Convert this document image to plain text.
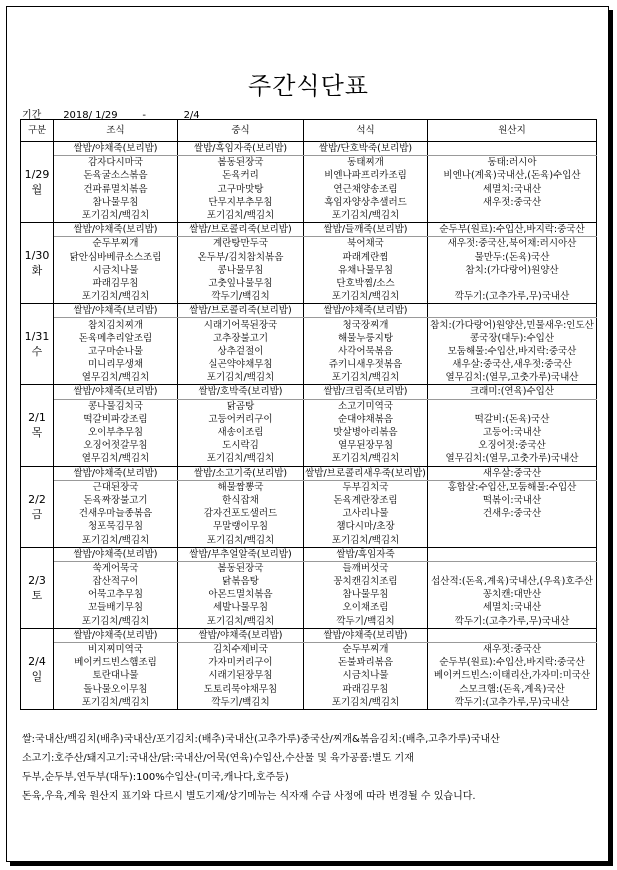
주간식단표
기간 2018/ 1/29 -	2/4
구분	조식	중식	석식	원산지

1/29
월	쌀밥/야채죽(보리밥)	쌀밥/흑임자죽(보리밥)	쌀밥/단호박죽(보리밥)	
	감자다시마국	봄동된장국	동태찌개	동태:러시아
	돈육굴소스볶음	돈육커리	비엔나파프리카조림	비엔나(계육)국내산,(돈육)수입산
	건파류멸치볶음	고구마맛탕	연근채양송조림	세멸치:국내산
	참나물무침	단무지부추무침	흑임자양상추샐러드	새우젓:중국산
	포기김치/백김치	포기김치/백김치	포기김치/백김치	

1/30
화	쌀밥/야채죽(보리밥)	쌀밥/브로콜리죽(보리밥)	쌀밥/들깨죽(보리밥)	순두부(원료):수입산,바지락:중국산
	순두부찌개	계란탕만두국	북어채국	새우젓:중국산,북어채:러시아산
	닭안심바베큐소스조림	온두부/김치참치볶음	파래계란찜	물만두:(돈육)국산
	시금치나물	콩나물무침	유채나물무침	참치:(가다랑어)원양산
	파래김무침	고춧잎나물무침	단호박찜/소스	
	포기김치/백김치	깍두기/백김치	포기김치/백김치	깍두기:(고추가루,무)국내산

1/31
수	쌀밥/야채죽(보리밥)	쌀밥/브로콜리죽(보리밥)	쌀밥/야채죽(보리밥)	
	참치김치찌개	시래기어묵된장국	청국장찌개	참치:(가다랑어)원양산,민물새우:인도산
	돈육메추리알조림	고추장불고기	해물누룽지탕	콩국장(대두):수입산
	고구마순나물	상추겉절이	사각어묵볶음	모둠해물:수입산,바지락:중국산
	미니리무생채	실곤약야채무침	쥬키니새우젓볶음	새우살:중국산,새우젓:중국산
	열무김치/백김치	포기김치/백김치	포기김치/백김치	열무김치:(열무,고춧가루)국내산

2/1
목	쌀밥/야채죽(보리밥)	쌀밥/호박죽(보리밥)	쌀밥/크림죽(보리밥)	크래미:(연육)수입산
	콩나물김치국	닭곰탕	소고기미역국	
	떡갈비파강조림	고등어커리구이	순대야채볶음	떡갈비:(돈육)국산
	오이부추무침	새송이조림	맛살병아리볶음	고등어:국내산
	오징어젓갈무침	도시락김	열무된장무침	오징어젓:중국산
	열무김치/백김치	포기김치/백김치	포기김치/백김치	열무김치:(열무,고춧가루)국내산

2/2
금	쌀밥/야채죽(보리밥)	쌀밥/소고기죽(보리밥)	쌀밥/브로콜리새우죽(보리밥)	새우살:중국산
	근대된장국	해물짬뽕국	두부김치국	홍합살:수입산,모둠해물:수입산
	돈육짜장불고기	한식잡채	돈육계란장조림	떡볶이:국내산
	건새우마늘종볶음	감자건포도샐러드	고사리나물	건새우:중국산
	청포묵김무침	무말랭이무침	챔다시마/초장	
	포기김치/백김치	포기김치/백김치	포기김치/백김치	

2/3
토	쌀밥/야채죽(보리밥)	쌀밥/부추얼알죽(보리밥)	쌀밥/흑임자죽	
	쑥게어묵국	봄동된장국	들깨버섯국	
	잡산적구이	닭볶음탕	꽁치캔김치조림	섭산적:(돈육,계육)국내산,(우육)호주산
	어묵고추무침	아몬드멸치볶음	참나물무침	꽁치캔:대만산
	꼬들배기무침	세발나물무침	오이채조림	세멸치:국내산
	포기김치/백김치	포기김치/백김치	깍두기/백김치	깍두기:(고추가루,무)국내산

2/4
일	쌀밥/야채죽(보리밥)	쌀밥/야채죽(보리밥)	쌀밥/야채죽(보리밥)	
	비지찌미역국	김치수제비국	순두부찌개	새우젓:중국산
	베이커드빈스햄조림	가자미커리구이	돈불꽈리볶음	순두부(원료):수입산,바지락:중국산
	토란대나물	시래기된장무침	시금치나물	베이커드빈스:이태리산,가자미:미국산
	돌나물오이무침	도토리묵야채무침	파래김무침	스모크햄:(돈육,계육)국산
	포기김치/백김치	깍두기/백김치	포기김치/백김치	깍두기:(고추가루,무)국내산
쌀:국내산/백김치(배추)국내산/포기김치:(배추)국내산(고추가루)중국산/찌개&볶음김치:(배추,고추가루)국내산
소고기:호주산/돼지고기:국내산/닭:국내산/어묵(연육)수입산,수산물 및 육가공품:별도 기재
두부,순두부,연두부(대두):100%수입산-(미국,캐나다,호주등)
돈육,우육,계육 원산지 표기와 다르시 별도기재/상기메뉴는 식자재 수급 사정에 따라 변경될 수 있습니다.
